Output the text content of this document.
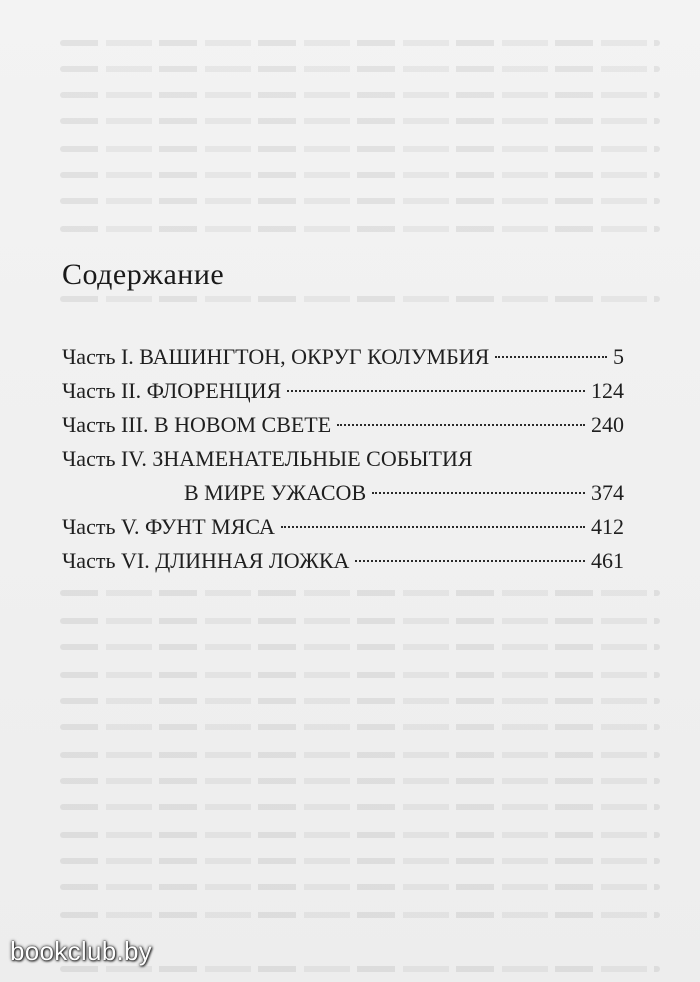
Содержание
Часть I. ВАШИНГТОН, ОКРУГ КОЛУМБИЯ	5
Часть II. ФЛОРЕНЦИЯ	124
Часть III. В НОВОМ СВЕТЕ	240
Часть IV. ЗНАМЕНАТЕЛЬНЫЕ СОБЫТИЯ
В МИРЕ УЖАСОВ	374
Часть V. ФУНТ МЯСА	412
Часть VI. ДЛИННАЯ ЛОЖКА	461
bookclub.by
